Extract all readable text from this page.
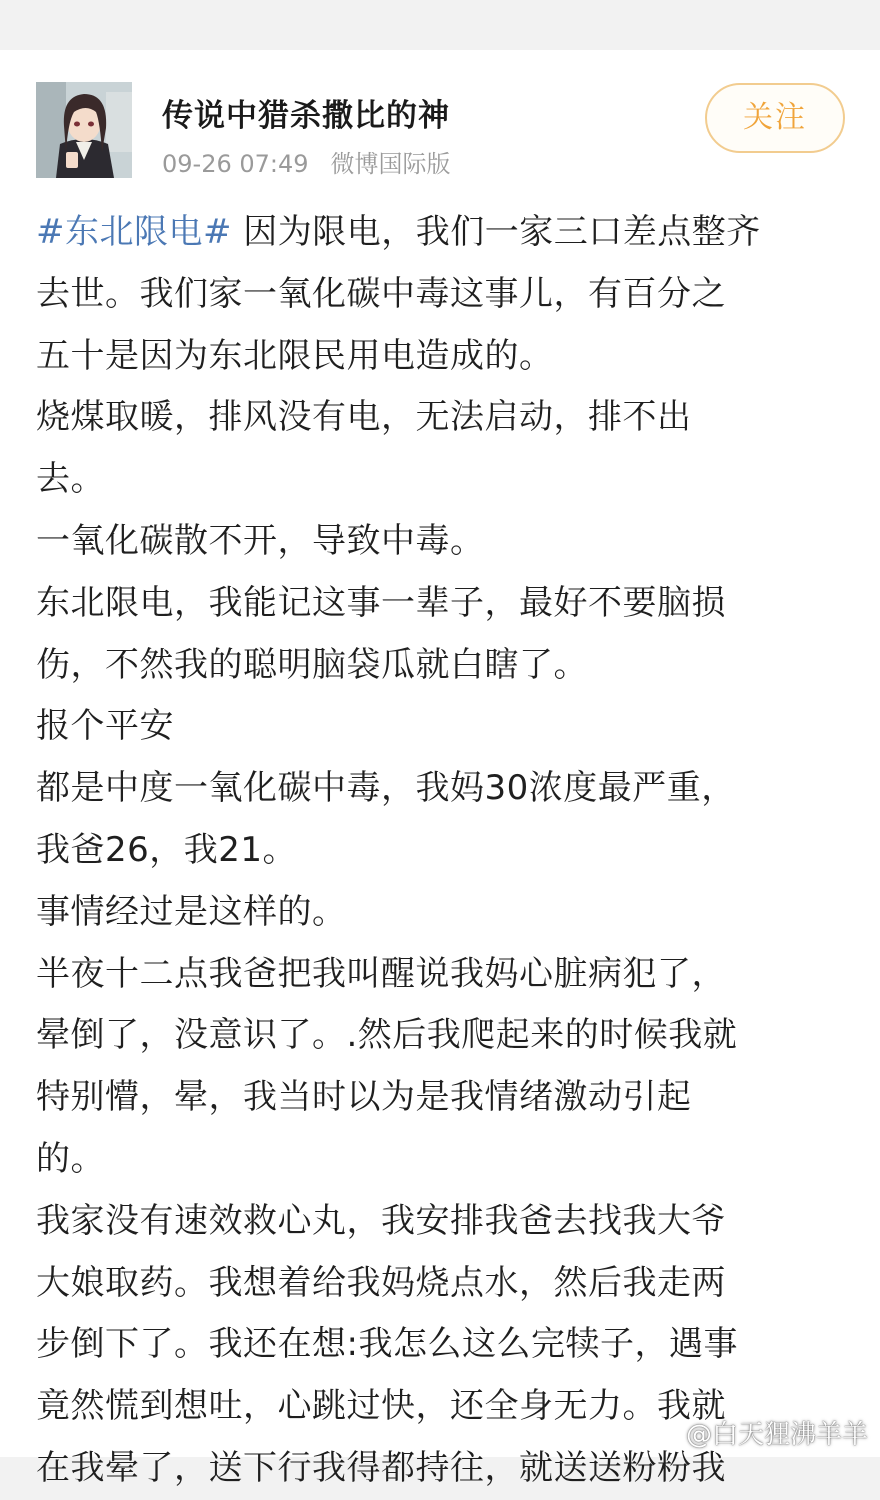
传说中猎杀撒比的神
09-26 07:49 微博国际版
关注
#东北限电# 因为限电，我们一家三口差点整齐
去世。我们家一氧化碳中毒这事儿，有百分之
五十是因为东北限民用电造成的。
烧煤取暖，排风没有电，无法启动，排不出
去。
一氧化碳散不开，导致中毒。
东北限电，我能记这事一辈子，最好不要脑损
伤，不然我的聪明脑袋瓜就白瞎了。
报个平安
都是中度一氧化碳中毒，我妈30浓度最严重，
我爸26，我21。
事情经过是这样的。
半夜十二点我爸把我叫醒说我妈心脏病犯了，
晕倒了，没意识了。.然后我爬起来的时候我就
特别懵，晕，我当时以为是我情绪激动引起
的。
我家没有速效救心丸，我安排我爸去找我大爷
大娘取药。我想着给我妈烧点水，然后我走两
步倒下了。我还在想:我怎么这么完犊子，遇事
竟然慌到想吐，心跳过快，还全身无力。我就
在我晕了，送下行我得都持往，就送送粉粉我
@白天狸沸羊羊
